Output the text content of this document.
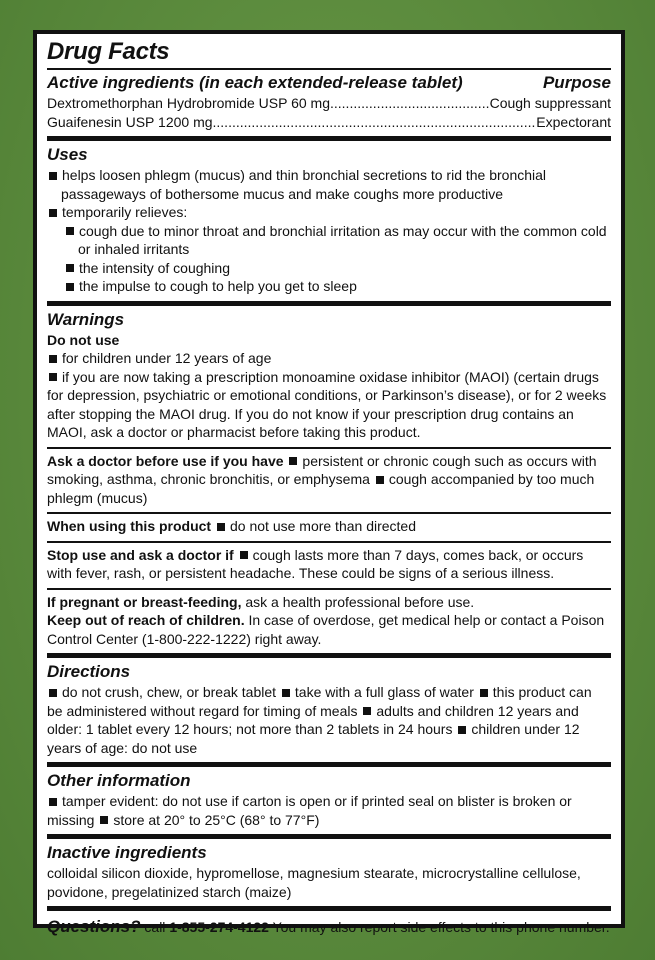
Drug Facts
Active ingredients (in each extended-release tablet)	Purpose
Dextromethorphan Hydrobromide USP 60 mg .....	Cough suppressant
Guaifenesin USP 1200 mg .....	Expectorant
Uses
helps loosen phlegm (mucus) and thin bronchial secretions to rid the bronchial passageways of bothersome mucus and make coughs more productive
temporarily relieves:
cough due to minor throat and bronchial irritation as may occur with the common cold or inhaled irritants
the intensity of coughing
the impulse to cough to help you get to sleep
Warnings
Do not use
for children under 12 years of age
if you are now taking a prescription monoamine oxidase inhibitor (MAOI) (certain drugs for depression, psychiatric or emotional conditions, or Parkinson’s disease), or for 2 weeks after stopping the MAOI drug. If you do not know if your prescription drug contains an MAOI, ask a doctor or pharmacist before taking this product.
Ask a doctor before use if you have persistent or chronic cough such as occurs with smoking, asthma, chronic bronchitis, or emphysema cough accompanied by too much phlegm (mucus)
When using this product do not use more than directed
Stop use and ask a doctor if cough lasts more than 7 days, comes back, or occurs with fever, rash, or persistent headache. These could be signs of a serious illness.
If pregnant or breast-feeding, ask a health professional before use.
Keep out of reach of children. In case of overdose, get medical help or contact a Poison Control Center (1-800-222-1222) right away.
Directions
do not crush, chew, or break tablet take with a full glass of water this product can be administered without regard for timing of meals adults and children 12 years and older: 1 tablet every 12 hours; not more than 2 tablets in 24 hours children under 12 years of age: do not use
Other information
tamper evident: do not use if carton is open or if printed seal on blister is broken or missing store at 20° to 25°C (68° to 77°F)
Inactive ingredients
colloidal silicon dioxide, hypromellose, magnesium stearate, microcrystalline cellulose, povidone, pregelatinized starch (maize)
Questions? call 1-855-274-4122 You may also report side effects to this phone number.
